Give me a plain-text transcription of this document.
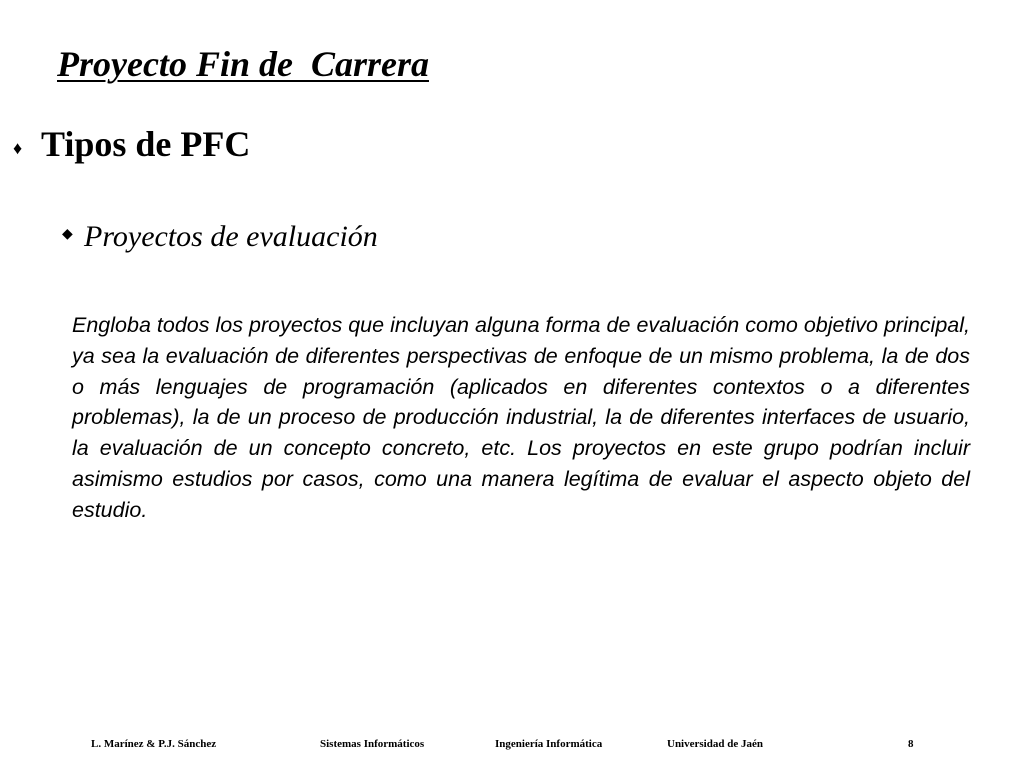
Proyecto Fin de  Carrera
♦ Tipos de PFC
◆ Proyectos de evaluación

Engloba todos los proyectos que incluyan alguna forma de evaluación como objetivo principal, ya sea la evaluación de diferentes perspectivas de enfoque de un mismo problema, la de dos o más lenguajes de programación (aplicados en diferentes contextos o a diferentes problemas), la de un proceso de producción industrial, la de diferentes interfaces de usuario, la evaluación de un concepto concreto, etc. Los proyectos en este grupo podrían incluir asimismo estudios por casos, como una manera legítima de evaluar el aspecto objeto del estudio.

L. Marínez & P.J. Sánchez	Sistemas Informáticos	Ingeniería Informática	Universidad de Jaén	8
